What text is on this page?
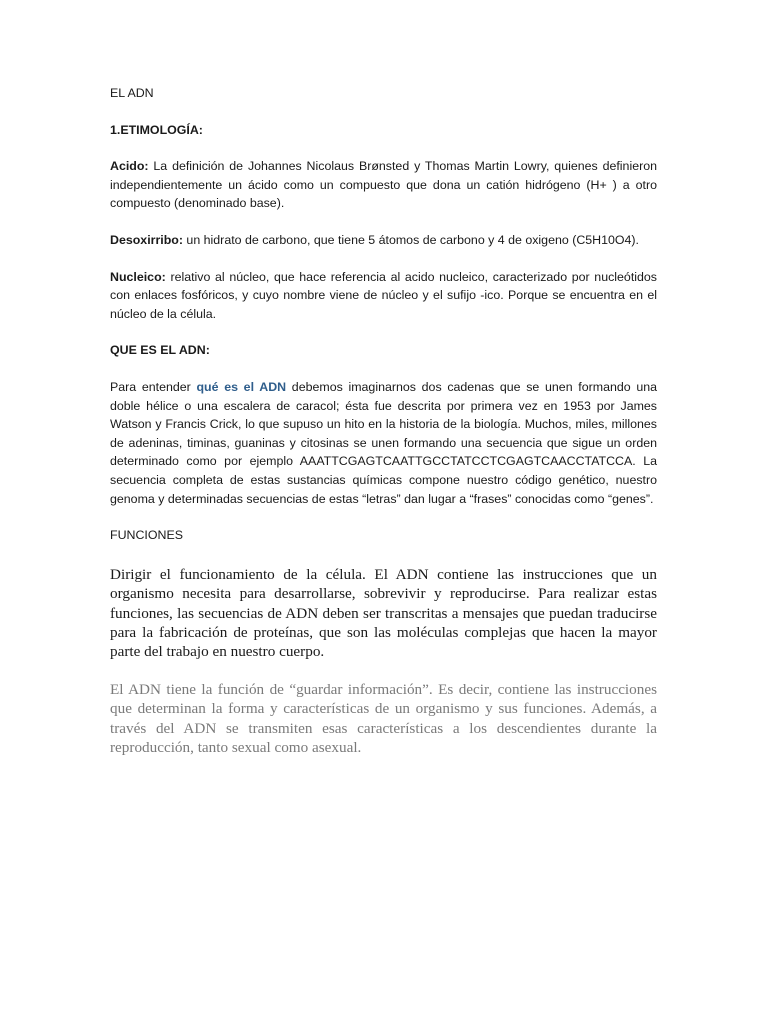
EL ADN
1.ETIMOLOGÍA:

Acido: La definición de Johannes Nicolaus Brønsted y Thomas Martin Lowry, quienes definieron independientemente un ácido como un compuesto que dona un catión hidrógeno (H+ ) a otro compuesto (denominado base).

Desoxirribo: un hidrato de carbono, que tiene 5 átomos de carbono y 4 de oxigeno (C5H10O4).

Nucleico: relativo al núcleo, que hace referencia al acido nucleico, caracterizado por nucleótidos con enlaces fosfóricos, y cuyo nombre viene de núcleo y el sufijo -ico. Porque se encuentra en el núcleo de la célula.

QUE ES EL ADN:

Para entender qué es el ADN debemos imaginarnos dos cadenas que se unen formando una doble hélice o una escalera de caracol; ésta fue descrita por primera vez en 1953 por James Watson y Francis Crick, lo que supuso un hito en la historia de la biología. Muchos, miles, millones de adeninas, timinas, guaninas y citosinas se unen formando una secuencia que sigue un orden determinado como por ejemplo AAATTCGAGTCAATTGCCTATCCTCGAGTCAACCTATCCA. La secuencia completa de estas sustancias químicas compone nuestro código genético, nuestro genoma y determinadas secuencias de estas “letras” dan lugar a “frases” conocidas como “genes”.

FUNCIONES

Dirigir el funcionamiento de la célula. El ADN contiene las instrucciones que un organismo necesita para desarrollarse, sobrevivir y reproducirse. Para realizar estas funciones, las secuencias de ADN deben ser transcritas a mensajes que puedan traducirse para la fabricación de proteínas, que son las moléculas complejas que hacen la mayor parte del trabajo en nuestro cuerpo.

El ADN tiene la función de “guardar información”. Es decir, contiene las instrucciones que determinan la forma y características de un organismo y sus funciones. Además, a través del ADN se transmiten esas características a los descendientes durante la reproducción, tanto sexual como asexual.
